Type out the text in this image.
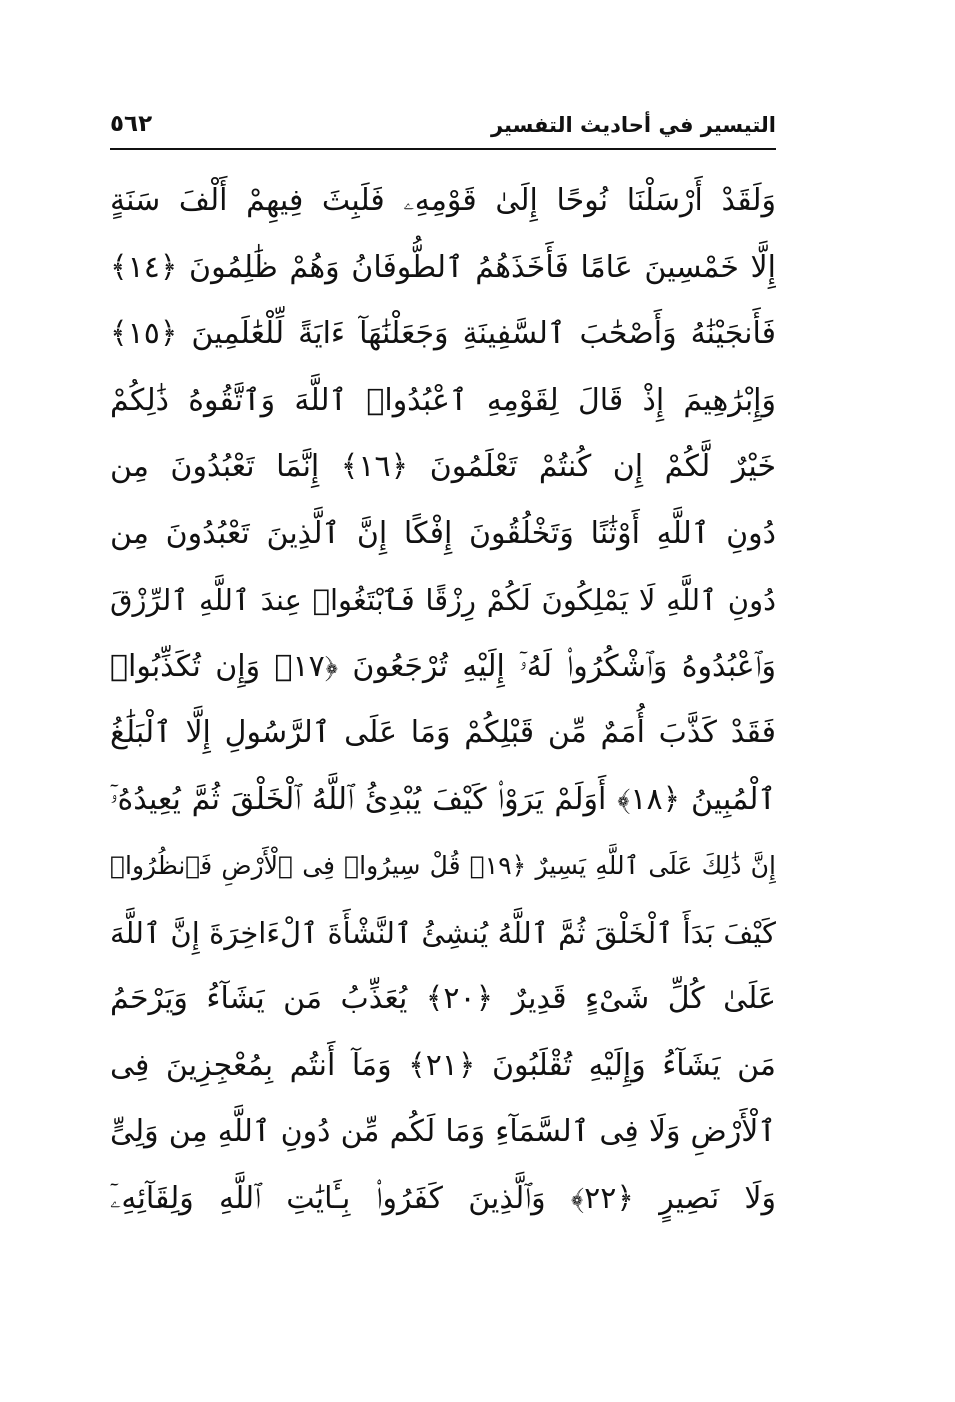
التيسير في أحاديث التفسير
٥٦٢
وَلَقَدْ أَرْسَلْنَا نُوحًا إِلَىٰ قَوْمِهِۦ فَلَبِثَ فِيهِمْ أَلْفَ سَنَةٍ
إِلَّا خَمْسِينَ عَامًا فَأَخَذَهُمُ ٱلطُّوفَانُ وَهُمْ ظَٰلِمُونَ ﴿١٤﴾
فَأَنجَيْنَٰهُ وَأَصْحَٰبَ ٱلسَّفِينَةِ وَجَعَلْنَٰهَآ ءَايَةً لِّلْعَٰلَمِينَ ﴿١٥﴾
وَإِبْرَٰهِيمَ إِذْ قَالَ لِقَوْمِهِ ٱعْبُدُوا۟ ٱللَّهَ وَٱتَّقُوهُ ذَٰلِكُمْ
خَيْرٌ لَّكُمْ إِن كُنتُمْ تَعْلَمُونَ ﴿١٦﴾ إِنَّمَا تَعْبُدُونَ مِن
دُونِ ٱللَّهِ أَوْثَٰنًا وَتَخْلُقُونَ إِفْكًا إِنَّ ٱلَّذِينَ تَعْبُدُونَ مِن
دُونِ ٱللَّهِ لَا يَمْلِكُونَ لَكُمْ رِزْقًا فَٱبْتَغُوا۟ عِندَ ٱللَّهِ ٱلرِّزْقَ
وَٱعْبُدُوهُ وَٱشْكُرُوا۟ لَهُۥٓ إِلَيْهِ تُرْجَعُونَ ﴿١٧﴾ وَإِن تُكَذِّبُوا۟
فَقَدْ كَذَّبَ أُمَمٌ مِّن قَبْلِكُمْ وَمَا عَلَى ٱلرَّسُولِ إِلَّا ٱلْبَلَٰغُ
ٱلْمُبِينُ ﴿١٨﴾ أَوَلَمْ يَرَوْا۟ كَيْفَ يُبْدِئُ ٱللَّهُ ٱلْخَلْقَ ثُمَّ يُعِيدُهُۥٓ
إِنَّ ذَٰلِكَ عَلَى ٱللَّهِ يَسِيرٌ ﴿١٩﴾ قُلْ سِيرُوا۟ فِى ٱلْأَرْضِ فَٱنظُرُوا۟
كَيْفَ بَدَأَ ٱلْخَلْقَ ثُمَّ ٱللَّهُ يُنشِئُ ٱلنَّشْأَةَ ٱلْءَاخِرَةَ إِنَّ ٱللَّهَ
عَلَىٰ كُلِّ شَىْءٍ قَدِيرٌ ﴿٢٠﴾ يُعَذِّبُ مَن يَشَآءُ وَيَرْحَمُ
مَن يَشَآءُ وَإِلَيْهِ تُقْلَبُونَ ﴿٢١﴾ وَمَآ أَنتُم بِمُعْجِزِينَ فِى
ٱلْأَرْضِ وَلَا فِى ٱلسَّمَآءِ وَمَا لَكُم مِّن دُونِ ٱللَّهِ مِن وَلِىٍّ
وَلَا نَصِيرٍ ﴿٢٢﴾ وَٱلَّذِينَ كَفَرُوا۟ بِـَٔايَٰتِ ٱللَّهِ وَلِقَآئِهِۦٓ
